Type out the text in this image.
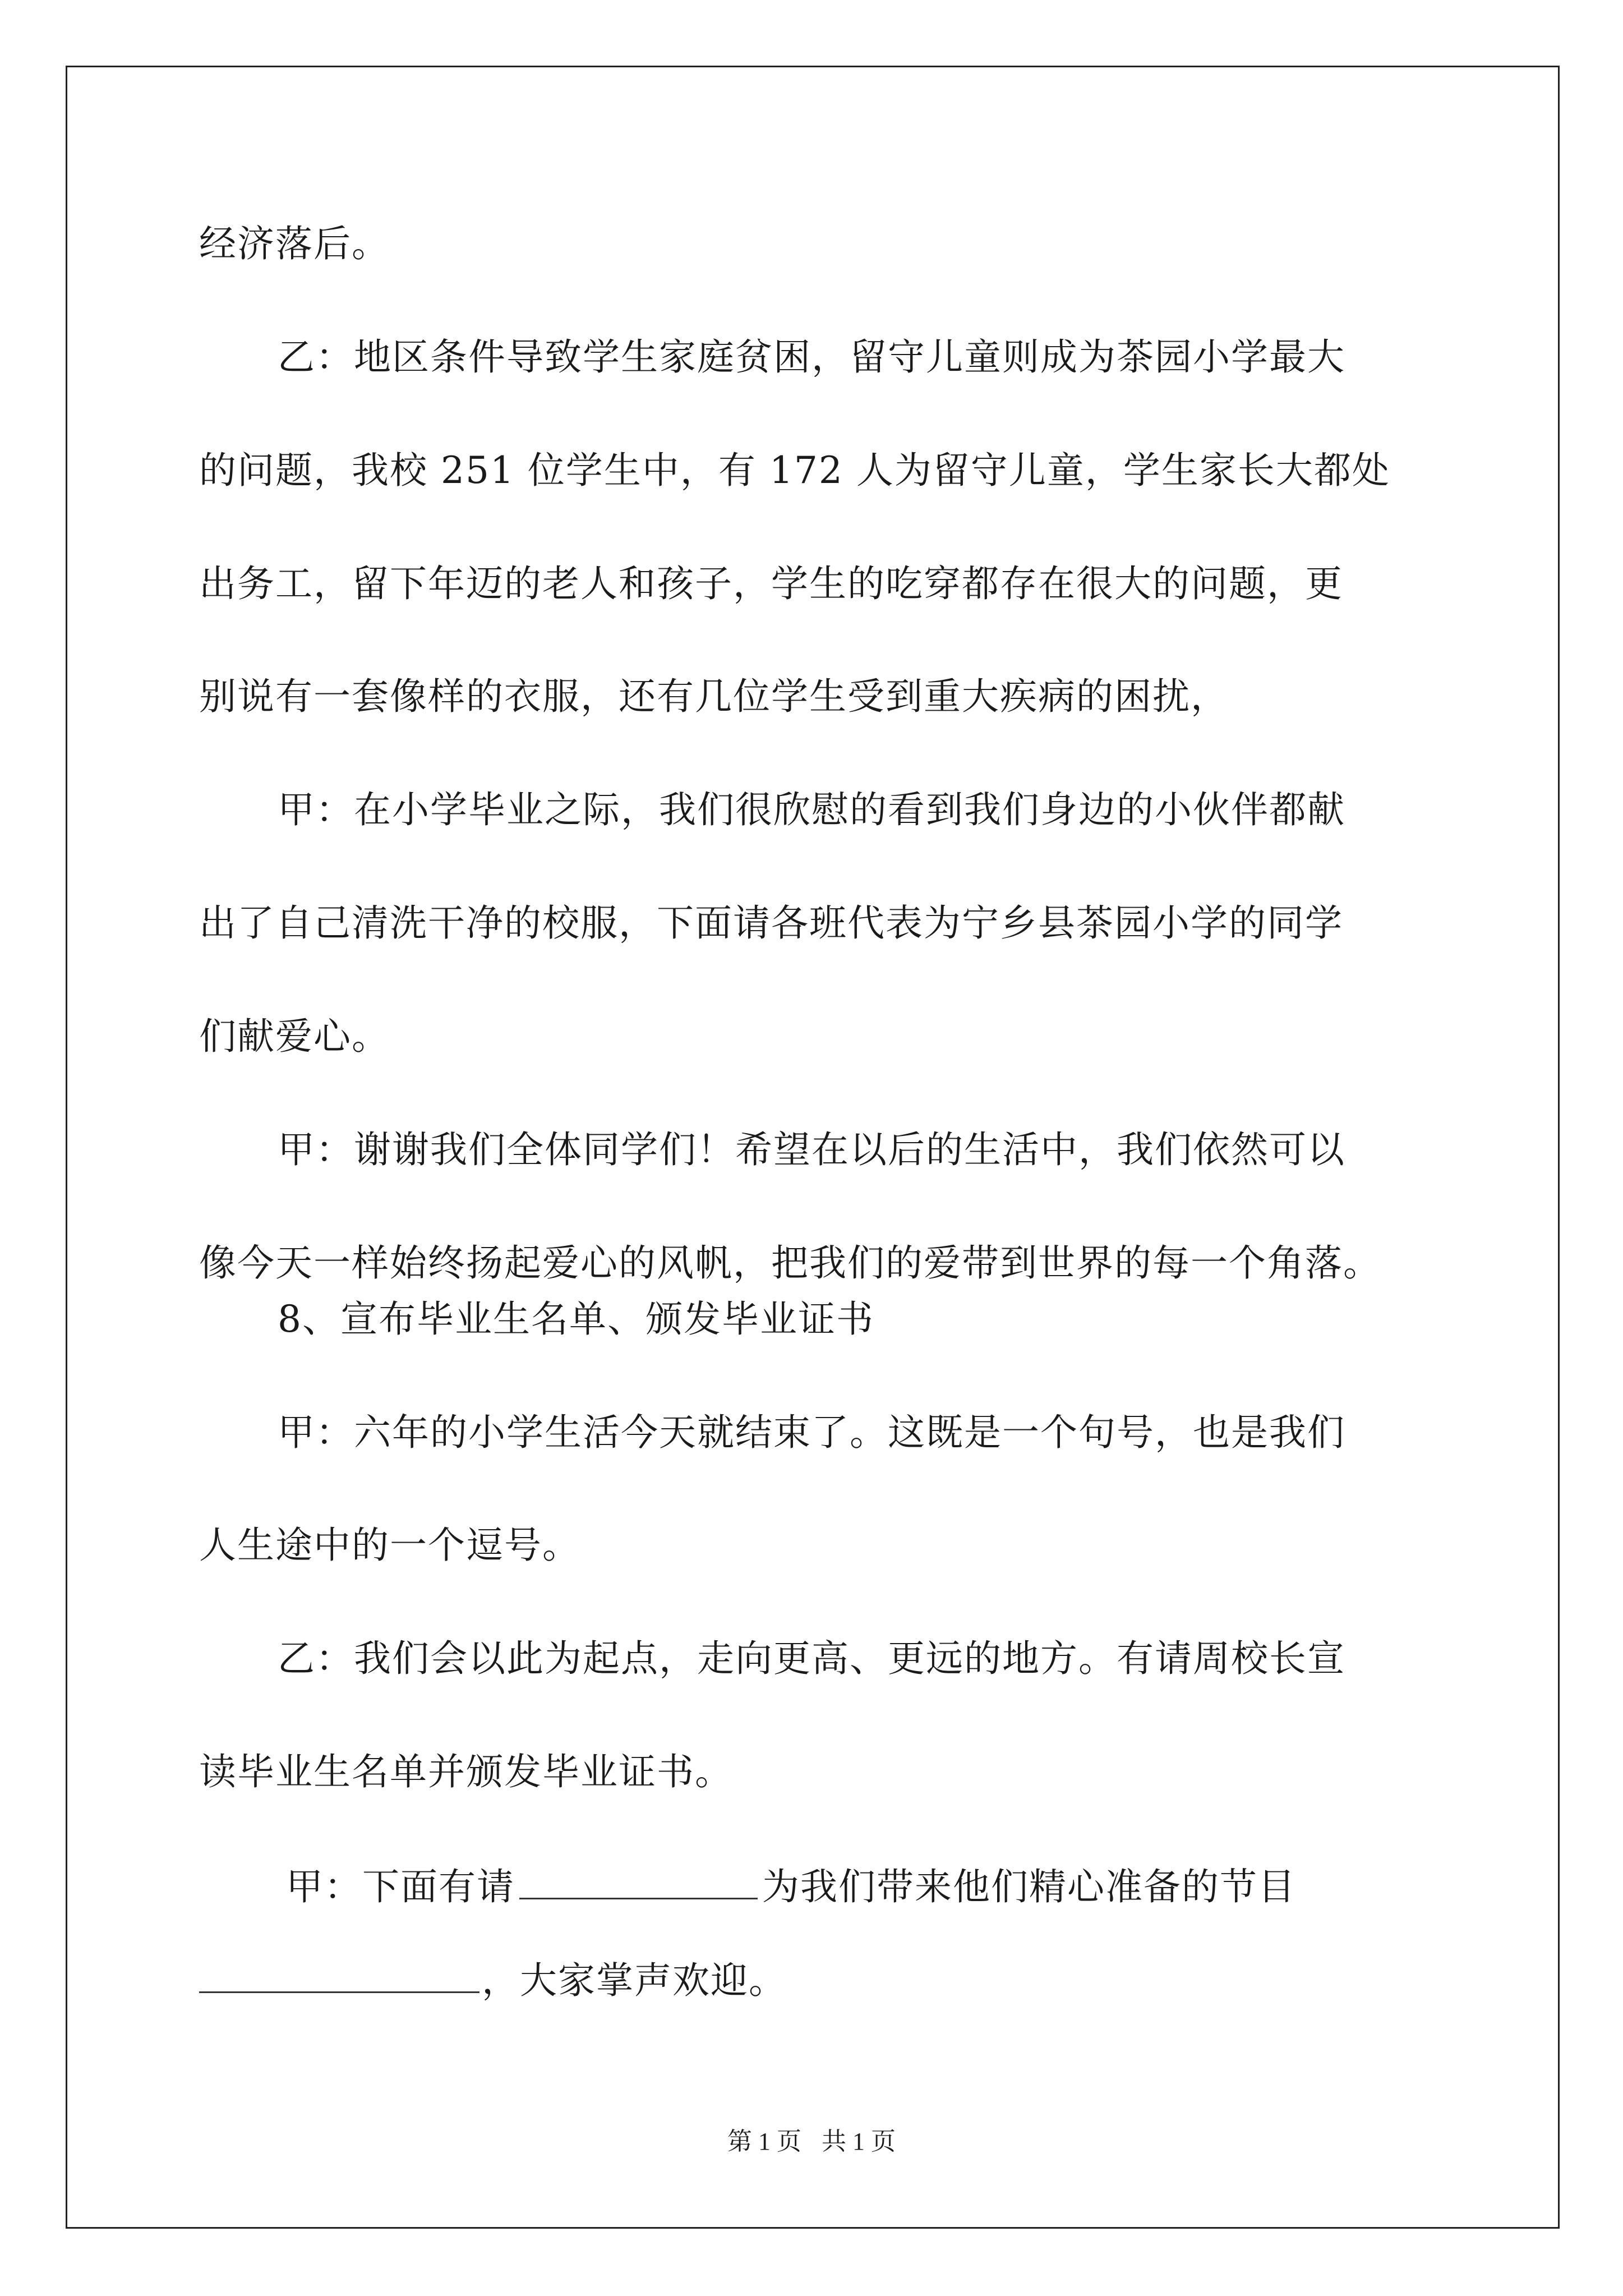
经济落后。
乙：地区条件导致学生家庭贫困，留守儿童则成为茶园小学最大
的问题，我校 251 位学生中，有 172 人为留守儿童，学生家长大都处
出务工，留下年迈的老人和孩子，学生的吃穿都存在很大的问题，更
别说有一套像样的衣服，还有几位学生受到重大疾病的困扰，
甲：在小学毕业之际，我们很欣慰的看到我们身边的小伙伴都献
出了自己清洗干净的校服，下面请各班代表为宁乡县茶园小学的同学
们献爱心。
甲：谢谢我们全体同学们！希望在以后的生活中，我们依然可以
像今天一样始终扬起爱心的风帆，把我们的爱带到世界的每一个角落。
8、宣布毕业生名单、颁发毕业证书
甲：六年的小学生活今天就结束了。这既是一个句号，也是我们
人生途中的一个逗号。
乙：我们会以此为起点，走向更高、更远的地方。有请周校长宣
读毕业生名单并颁发毕业证书。
甲：下面有请	为我们带来他们精心准备的节目
，大家掌声欢迎。
第 1 页 共 1 页
